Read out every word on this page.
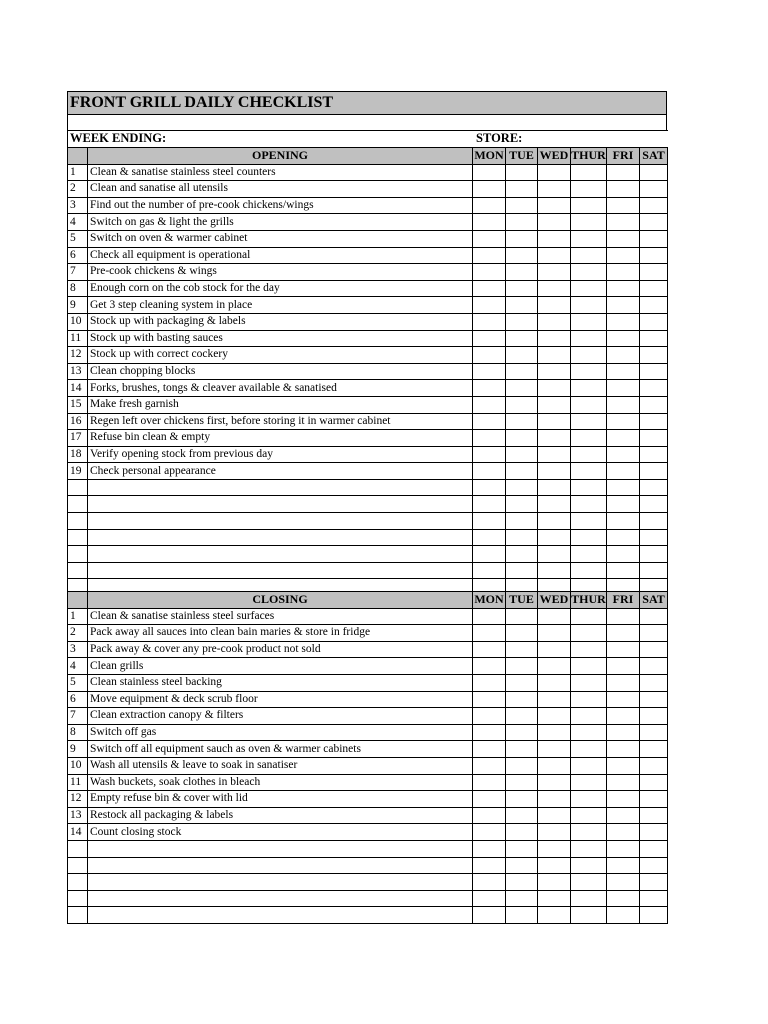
FRONT GRILL DAILY CHECKLIST
WEEK ENDING:	STORE:
	OPENING	MON	TUE	WED	THUR	FRI	SAT
1	Clean & sanatise stainless steel counters						
2	Clean and sanatise all utensils						
3	Find out the number of pre-cook chickens/wings						
4	Switch on gas & light the grills						
5	Switch on oven & warmer cabinet						
6	Check all equipment is operational						
7	Pre-cook chickens & wings						
8	Enough corn on the cob stock for the day						
9	Get 3 step cleaning system in place						
10	Stock up with packaging & labels						
11	Stock up with basting sauces						
12	Stock up with correct cockery						
13	Clean chopping blocks						
14	Forks, brushes, tongs & cleaver available & sanatised						
15	Make fresh garnish						
16	Regen left over chickens first, before storing it in warmer cabinet						
17	Refuse bin clean & empty						
18	Verify opening stock from previous day						
19	Check personal appearance						

	CLOSING	MON	TUE	WED	THUR	FRI	SAT
1	Clean & sanatise stainless steel surfaces						
2	Pack away all sauces into clean bain maries & store in fridge						
3	Pack away & cover any pre-cook product not sold						
4	Clean grills						
5	Clean stainless steel backing						
6	Move equipment & deck scrub floor						
7	Clean extraction canopy & filters						
8	Switch off gas						
9	Switch off all equipment sauch as oven & warmer cabinets						
10	Wash all utensils & leave to soak in sanatiser						
11	Wash buckets, soak clothes in bleach						
12	Empty refuse bin & cover with lid						
13	Restock all packaging & labels						
14	Count closing stock						
